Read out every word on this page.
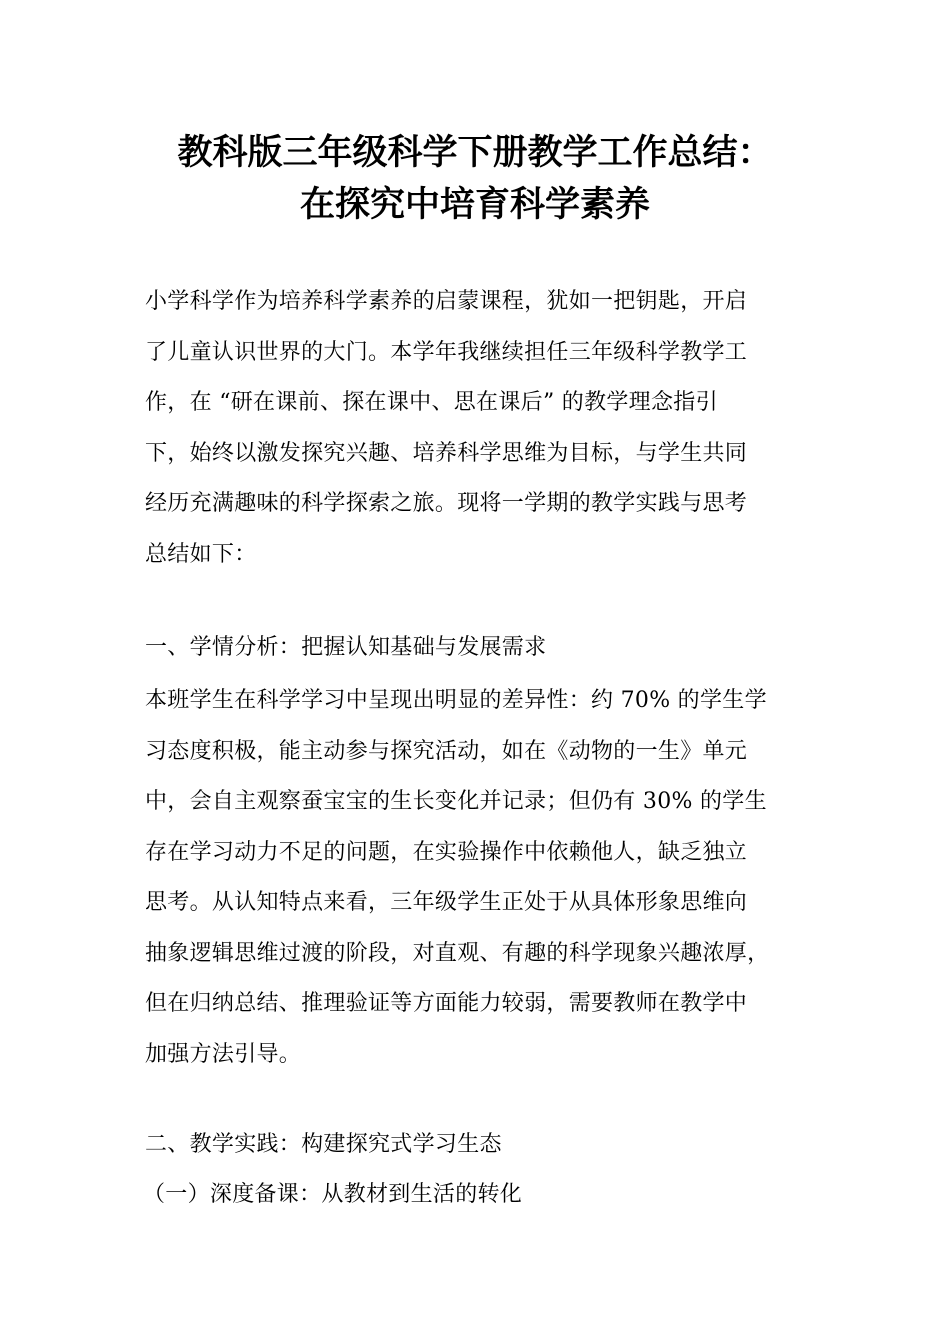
教科版三年级科学下册教学工作总结：
在探究中培育科学素养
小学科学作为培养科学素养的启蒙课程，犹如一把钥匙，开启
了儿童认识世界的大门。本学年我继续担任三年级科学教学工
作，在 “研在课前、探在课中、思在课后” 的教学理念指引
下，始终以激发探究兴趣、培养科学思维为目标，与学生共同
经历充满趣味的科学探索之旅。现将一学期的教学实践与思考
总结如下：
一、学情分析：把握认知基础与发展需求
本班学生在科学学习中呈现出明显的差异性：约 70% 的学生学
习态度积极，能主动参与探究活动，如在《动物的一生》单元
中，会自主观察蚕宝宝的生长变化并记录；但仍有 30% 的学生
存在学习动力不足的问题，在实验操作中依赖他人，缺乏独立
思考。从认知特点来看，三年级学生正处于从具体形象思维向
抽象逻辑思维过渡的阶段，对直观、有趣的科学现象兴趣浓厚，
但在归纳总结、推理验证等方面能力较弱，需要教师在教学中
加强方法引导。
二、教学实践：构建探究式学习生态
（一）深度备课：从教材到生活的转化
